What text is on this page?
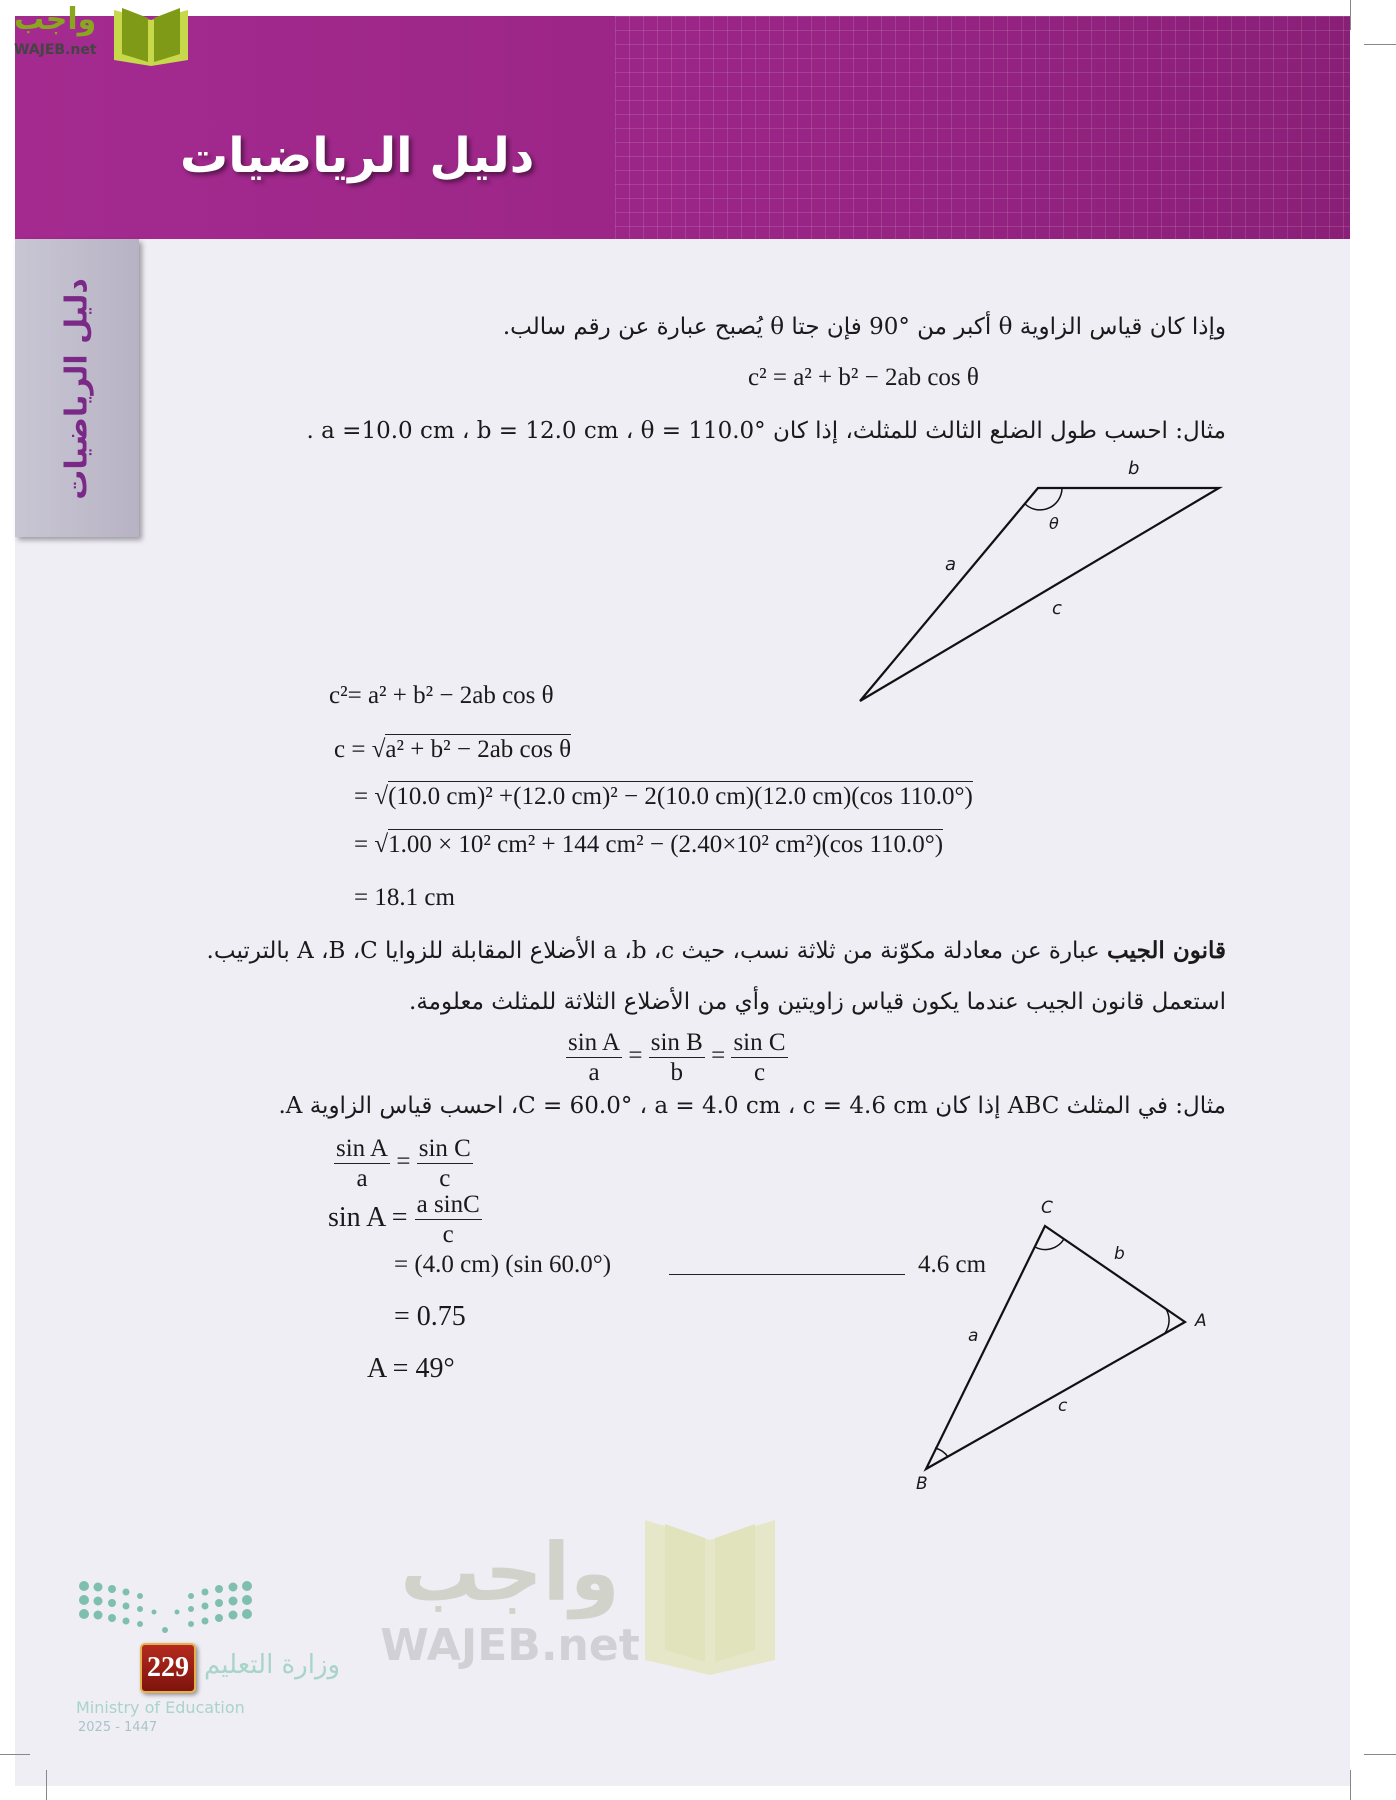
دليل الرياضيات
واجب
WAJEB.net
دليل الرياضيات
واجب
WAJEB.net
وإذا كان قياس الزاوية θ أكبر من °90 فإن جتا θ يُصبح عبارة عن رقم سالب.
c² = a² + b² − 2ab cos θ
مثال: احسب طول الضلع الثالث للمثلث، إذا كان a =10.0 cm ، b = 12.0 cm ، θ = 110.0° .
b
θ
a
c
c²= a² + b² − 2ab cos θ
c = √a² + b² − 2ab cos θ
= √(10.0 cm)² +(12.0 cm)² − 2(10.0 cm)(12.0 cm)(cos 110.0°)
= √1.00 × 10² cm² + 144 cm² − (2.40×10² cm²)(cos 110.0°)
= 18.1 cm
قانون الجيب عبارة عن معادلة مكوّنة من ثلاثة نسب، حيث a ،b ،c الأضلاع المقابلة للزوايا A ،B ،C بالترتيب.
استعمل قانون الجيب عندما يكون قياس زاويتين وأي من الأضلاع الثلاثة للمثلث معلومة.
$\frac{\text{sin A}}{a} = \frac{\text{sin B}}{b} = \frac{\text{sin C}}{c}$
مثال: في المثلث ABC إذا كان C = 60.0° ، a = 4.0 cm ، c = 4.6 cm، احسب قياس الزاوية A.
$\frac{\text{sin A}}{a} = \frac{\text{sin C}}{c}$
$\sin A = \frac{\text{a sinC}}{c}$
= (4.0 cm) (sin 60.0°)	4.6 cm
= 0.75
A = 49°
C
b
A
a
c
B
Ministry of Education
2025 - 1447
وزارة التعليم
229
